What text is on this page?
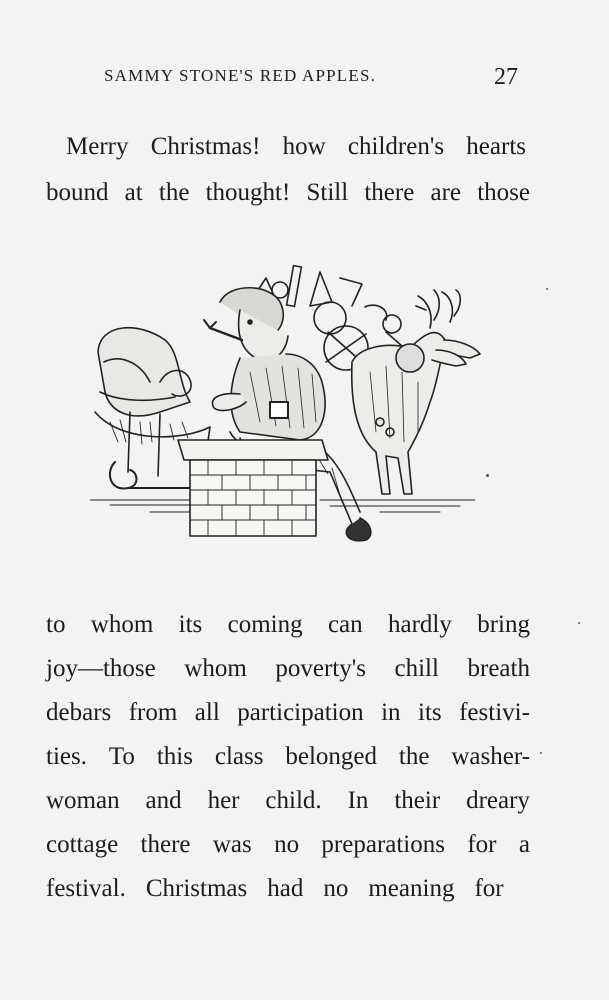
SAMMY STONE'S RED APPLES.	27
Merry Christmas! how children's hearts
bound at the thought! Still there are those
to whom its coming can hardly bring
joy—those whom poverty's chill breath
debars from all participation in its festivi-
ties. To this class belonged the washer-
woman and her child. In their dreary
cottage there was no preparations for a
festival. Christmas had no meaning for
